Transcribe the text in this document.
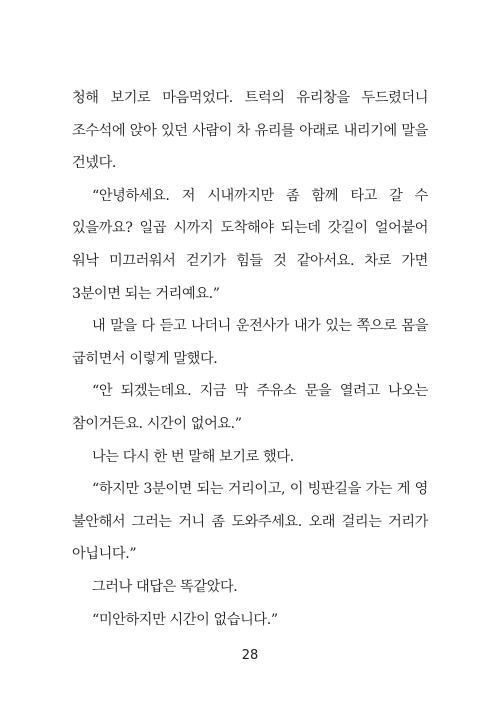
청해 보기로 마음먹었다. 트럭의 유리창을 두드렸더니 조수석에 앉아 있던 사람이 차 유리를 아래로 내리기에 말을 건넸다.

“안녕하세요. 저 시내까지만 좀 함께 타고 갈 수 있을까요? 일곱 시까지 도착해야 되는데 갓길이 얼어붙어 워낙 미끄러워서 걷기가 힘들 것 같아서요. 차로 가면 3분이면 되는 거리예요.”

내 말을 다 듣고 나더니 운전사가 내가 있는 쪽으로 몸을 굽히면서 이렇게 말했다.

“안 되겠는데요. 지금 막 주유소 문을 열려고 나오는 참이거든요. 시간이 없어요.”

나는 다시 한 번 말해 보기로 했다.

“하지만 3분이면 되는 거리이고, 이 빙판길을 가는 게 영 불안해서 그러는 거니 좀 도와주세요. 오래 걸리는 거리가 아닙니다.”

그러나 대답은 똑같았다.

“미안하지만 시간이 없습니다.”

28
